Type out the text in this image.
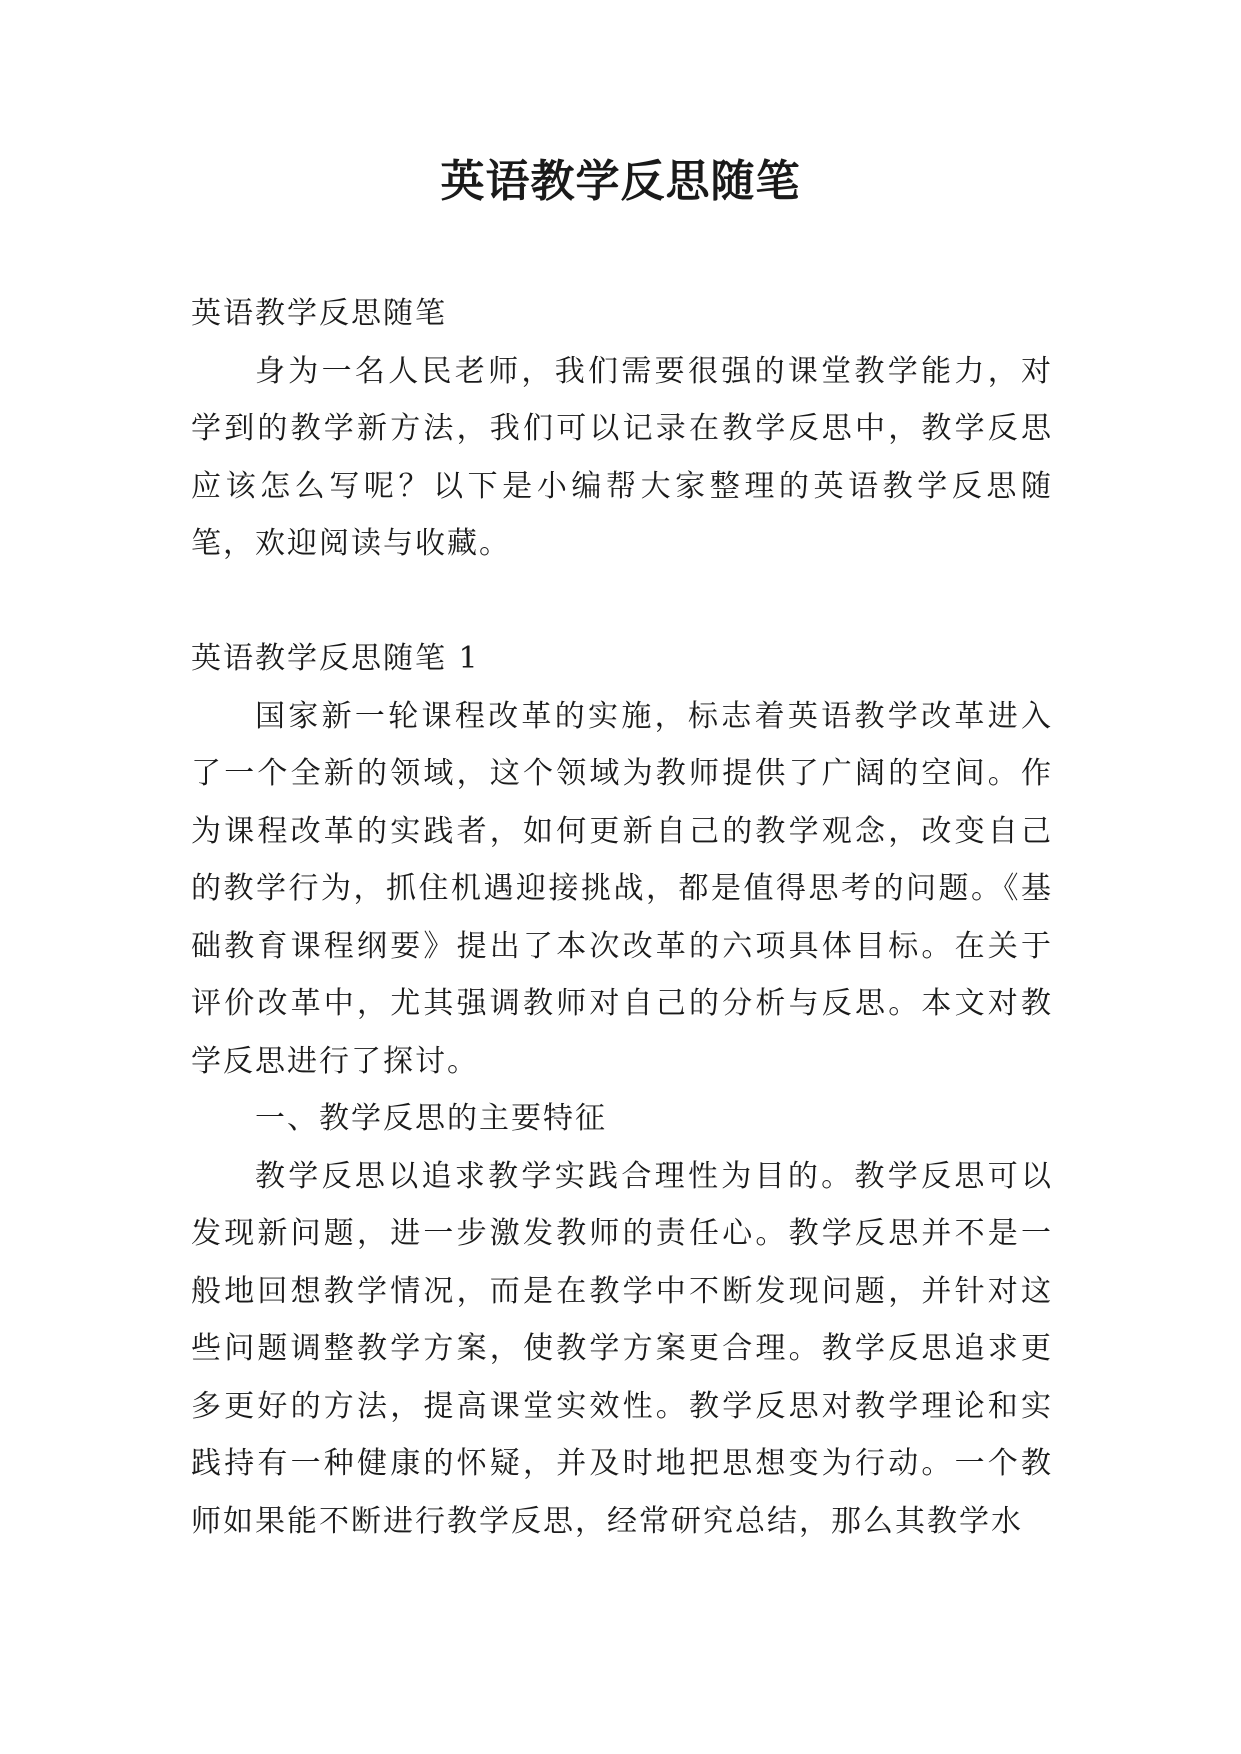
英语教学反思随笔

英语教学反思随笔

身为一名人民老师，我们需要很强的课堂教学能力，对学到的教学新方法，我们可以记录在教学反思中，教学反思应该怎么写呢？以下是小编帮大家整理的英语教学反思随笔，欢迎阅读与收藏。

英语教学反思随笔 1

国家新一轮课程改革的实施，标志着英语教学改革进入了一个全新的领域，这个领域为教师提供了广阔的空间。作为课程改革的实践者，如何更新自己的教学观念，改变自己的教学行为，抓住机遇迎接挑战，都是值得思考的问题。《基础教育课程纲要》提出了本次改革的六项具体目标。在关于评价改革中，尤其强调教师对自己的分析与反思。本文对教学反思进行了探讨。

一、教学反思的主要特征

教学反思以追求教学实践合理性为目的。教学反思可以发现新问题，进一步激发教师的责任心。教学反思并不是一般地回想教学情况，而是在教学中不断发现问题，并针对这些问题调整教学方案，使教学方案更合理。教学反思追求更多更好的方法，提高课堂实效性。教学反思对教学理论和实践持有一种健康的怀疑，并及时地把思想变为行动。一个教师如果能不断进行教学反思，经常研究总结，那么其教学水
